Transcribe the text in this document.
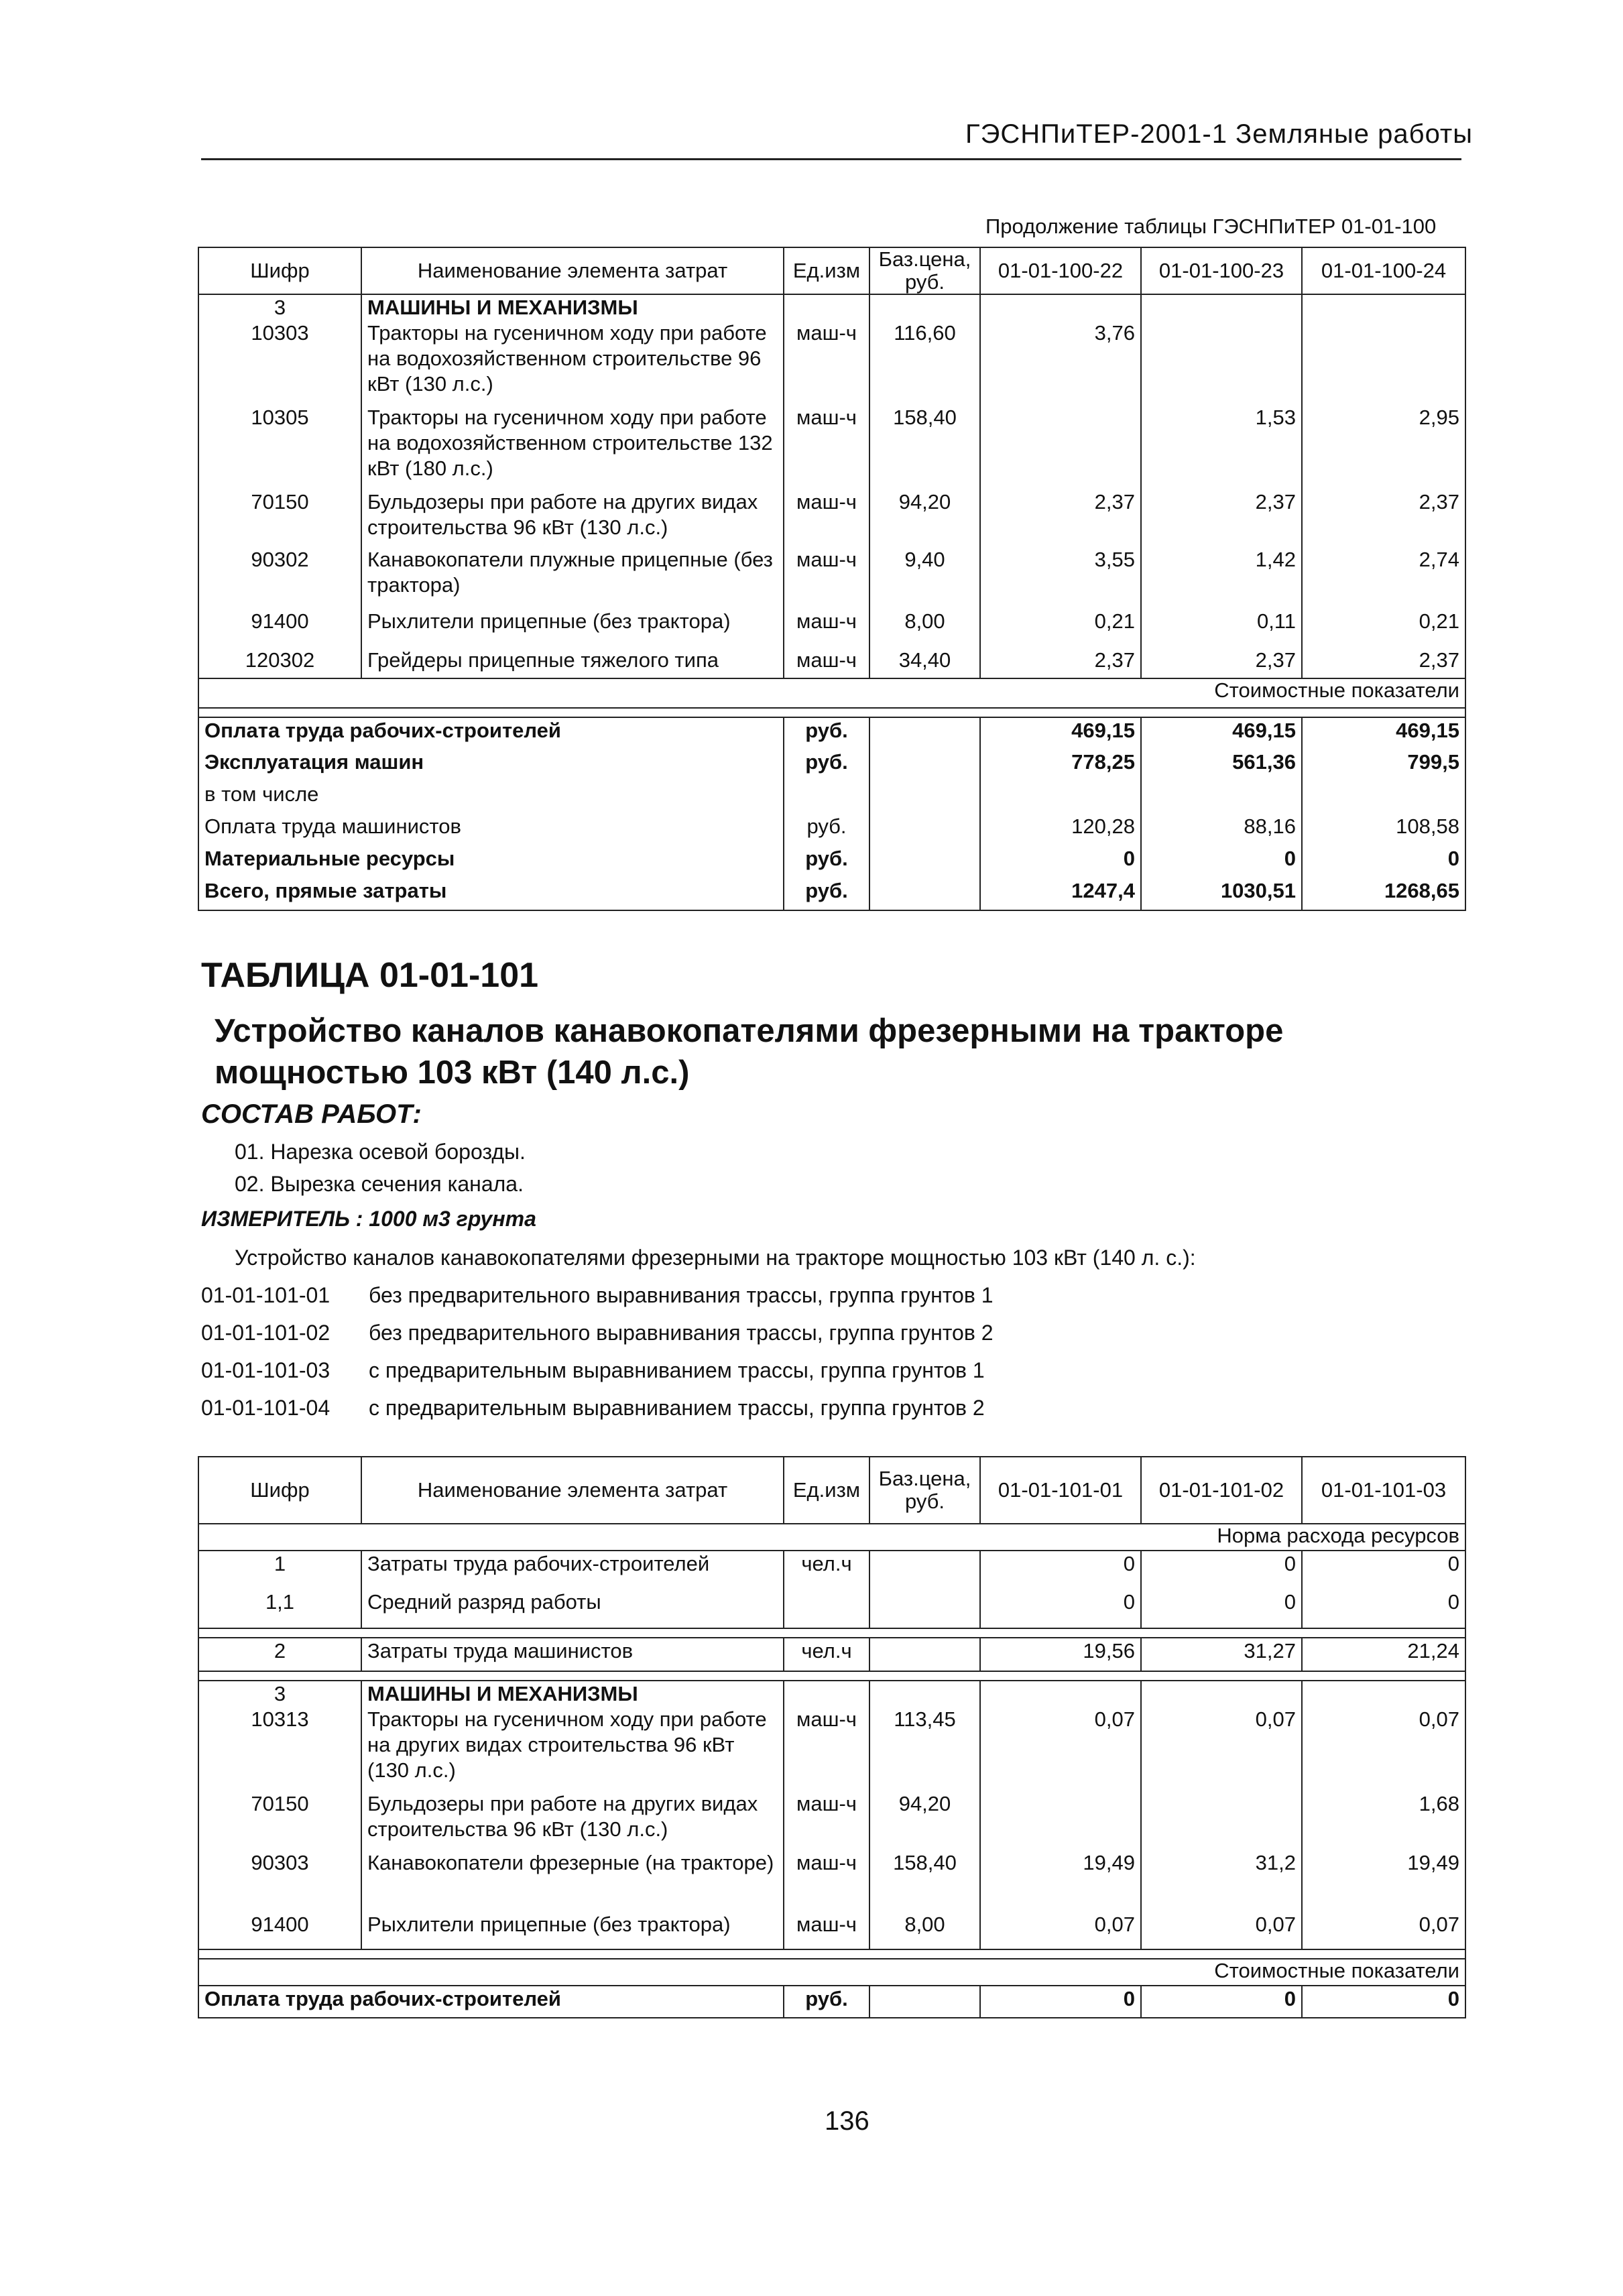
ГЭСНПиТЕР-2001-1 Земляные работы
Продолжение таблицы ГЭСНПиТЕР 01-01-100
Шифр	Наименование элемента затрат	Ед.изм	Баз.цена, руб.	01-01-100-22	01-01-100-23	01-01-100-24
3	МАШИНЫ И МЕХАНИЗМЫ					
10303	Тракторы на гусеничном ходу при работе на водохозяйственном строительстве 96 кВт (130 л.с.)	маш-ч	116,60	3,76		
10305	Тракторы на гусеничном ходу при работе на водохозяйственном строительстве 132 кВт (180 л.с.)	маш-ч	158,40		1,53	2,95
70150	Бульдозеры при работе на других видах строительства 96 кВт (130 л.с.)	маш-ч	94,20	2,37	2,37	2,37
90302	Канавокопатели плужные прицепные (без трактора)	маш-ч	9,40	3,55	1,42	2,74
91400	Рыхлители прицепные (без трактора)	маш-ч	8,00	0,21	0,11	0,21
120302	Грейдеры прицепные тяжелого типа	маш-ч	34,40	2,37	2,37	2,37
Стоимостные показатели						

Оплата труда рабочих-строителей		руб.		469,15	469,15	469,15
Эксплуатация машин		руб.		778,25	561,36	799,5
в том числе						
Оплата труда машинистов		руб.		120,28	88,16	108,58
Материальные ресурсы		руб.		0	0	0
Всего, прямые затраты		руб.		1247,4	1030,51	1268,65
ТАБЛИЦА 01-01-101
Устройство каналов канавокопателями фрезерными на тракторе мощностью 103 кВт (140 л.с.)
СОСТАВ РАБОТ:
01. Нарезка осевой борозды.
02. Вырезка сечения канала.
ИЗМЕРИТЕЛЬ : 1000 м3 грунта
Устройство каналов канавокопателями фрезерными на тракторе мощностью 103 кВт (140 л. с.):
01-01-101-01 без предварительного выравнивания трассы, группа грунтов 1
01-01-101-02 без предварительного выравнивания трассы, группа грунтов 2
01-01-101-03 с предварительным выравниванием трассы, группа грунтов 1
01-01-101-04 с предварительным выравниванием трассы, группа грунтов 2
Шифр	Наименование элемента затрат	Ед.изм	Баз.цена, руб.	01-01-101-01	01-01-101-02	01-01-101-03
Норма расхода ресурсов						
1	Затраты труда рабочих-строителей	чел.ч		0	0	0
1,1	Средний разряд работы			0	0	0

2	Затраты труда машинистов	чел.ч		19,56	31,27	21,24

3	МАШИНЫ И МЕХАНИЗМЫ					
10313	Тракторы на гусеничном ходу при работе на других видах строительства 96 кВт (130 л.с.)	маш-ч	113,45	0,07	0,07	0,07
70150	Бульдозеры при работе на других видах строительства 96 кВт (130 л.с.)	маш-ч	94,20			1,68
90303	Канавокопатели фрезерные (на тракторе)	маш-ч	158,40	19,49	31,2	19,49
91400	Рыхлители прицепные (без трактора)	маш-ч	8,00	0,07	0,07	0,07

Стоимостные показатели						
Оплата труда рабочих-строителей		руб.		0	0	0
136
